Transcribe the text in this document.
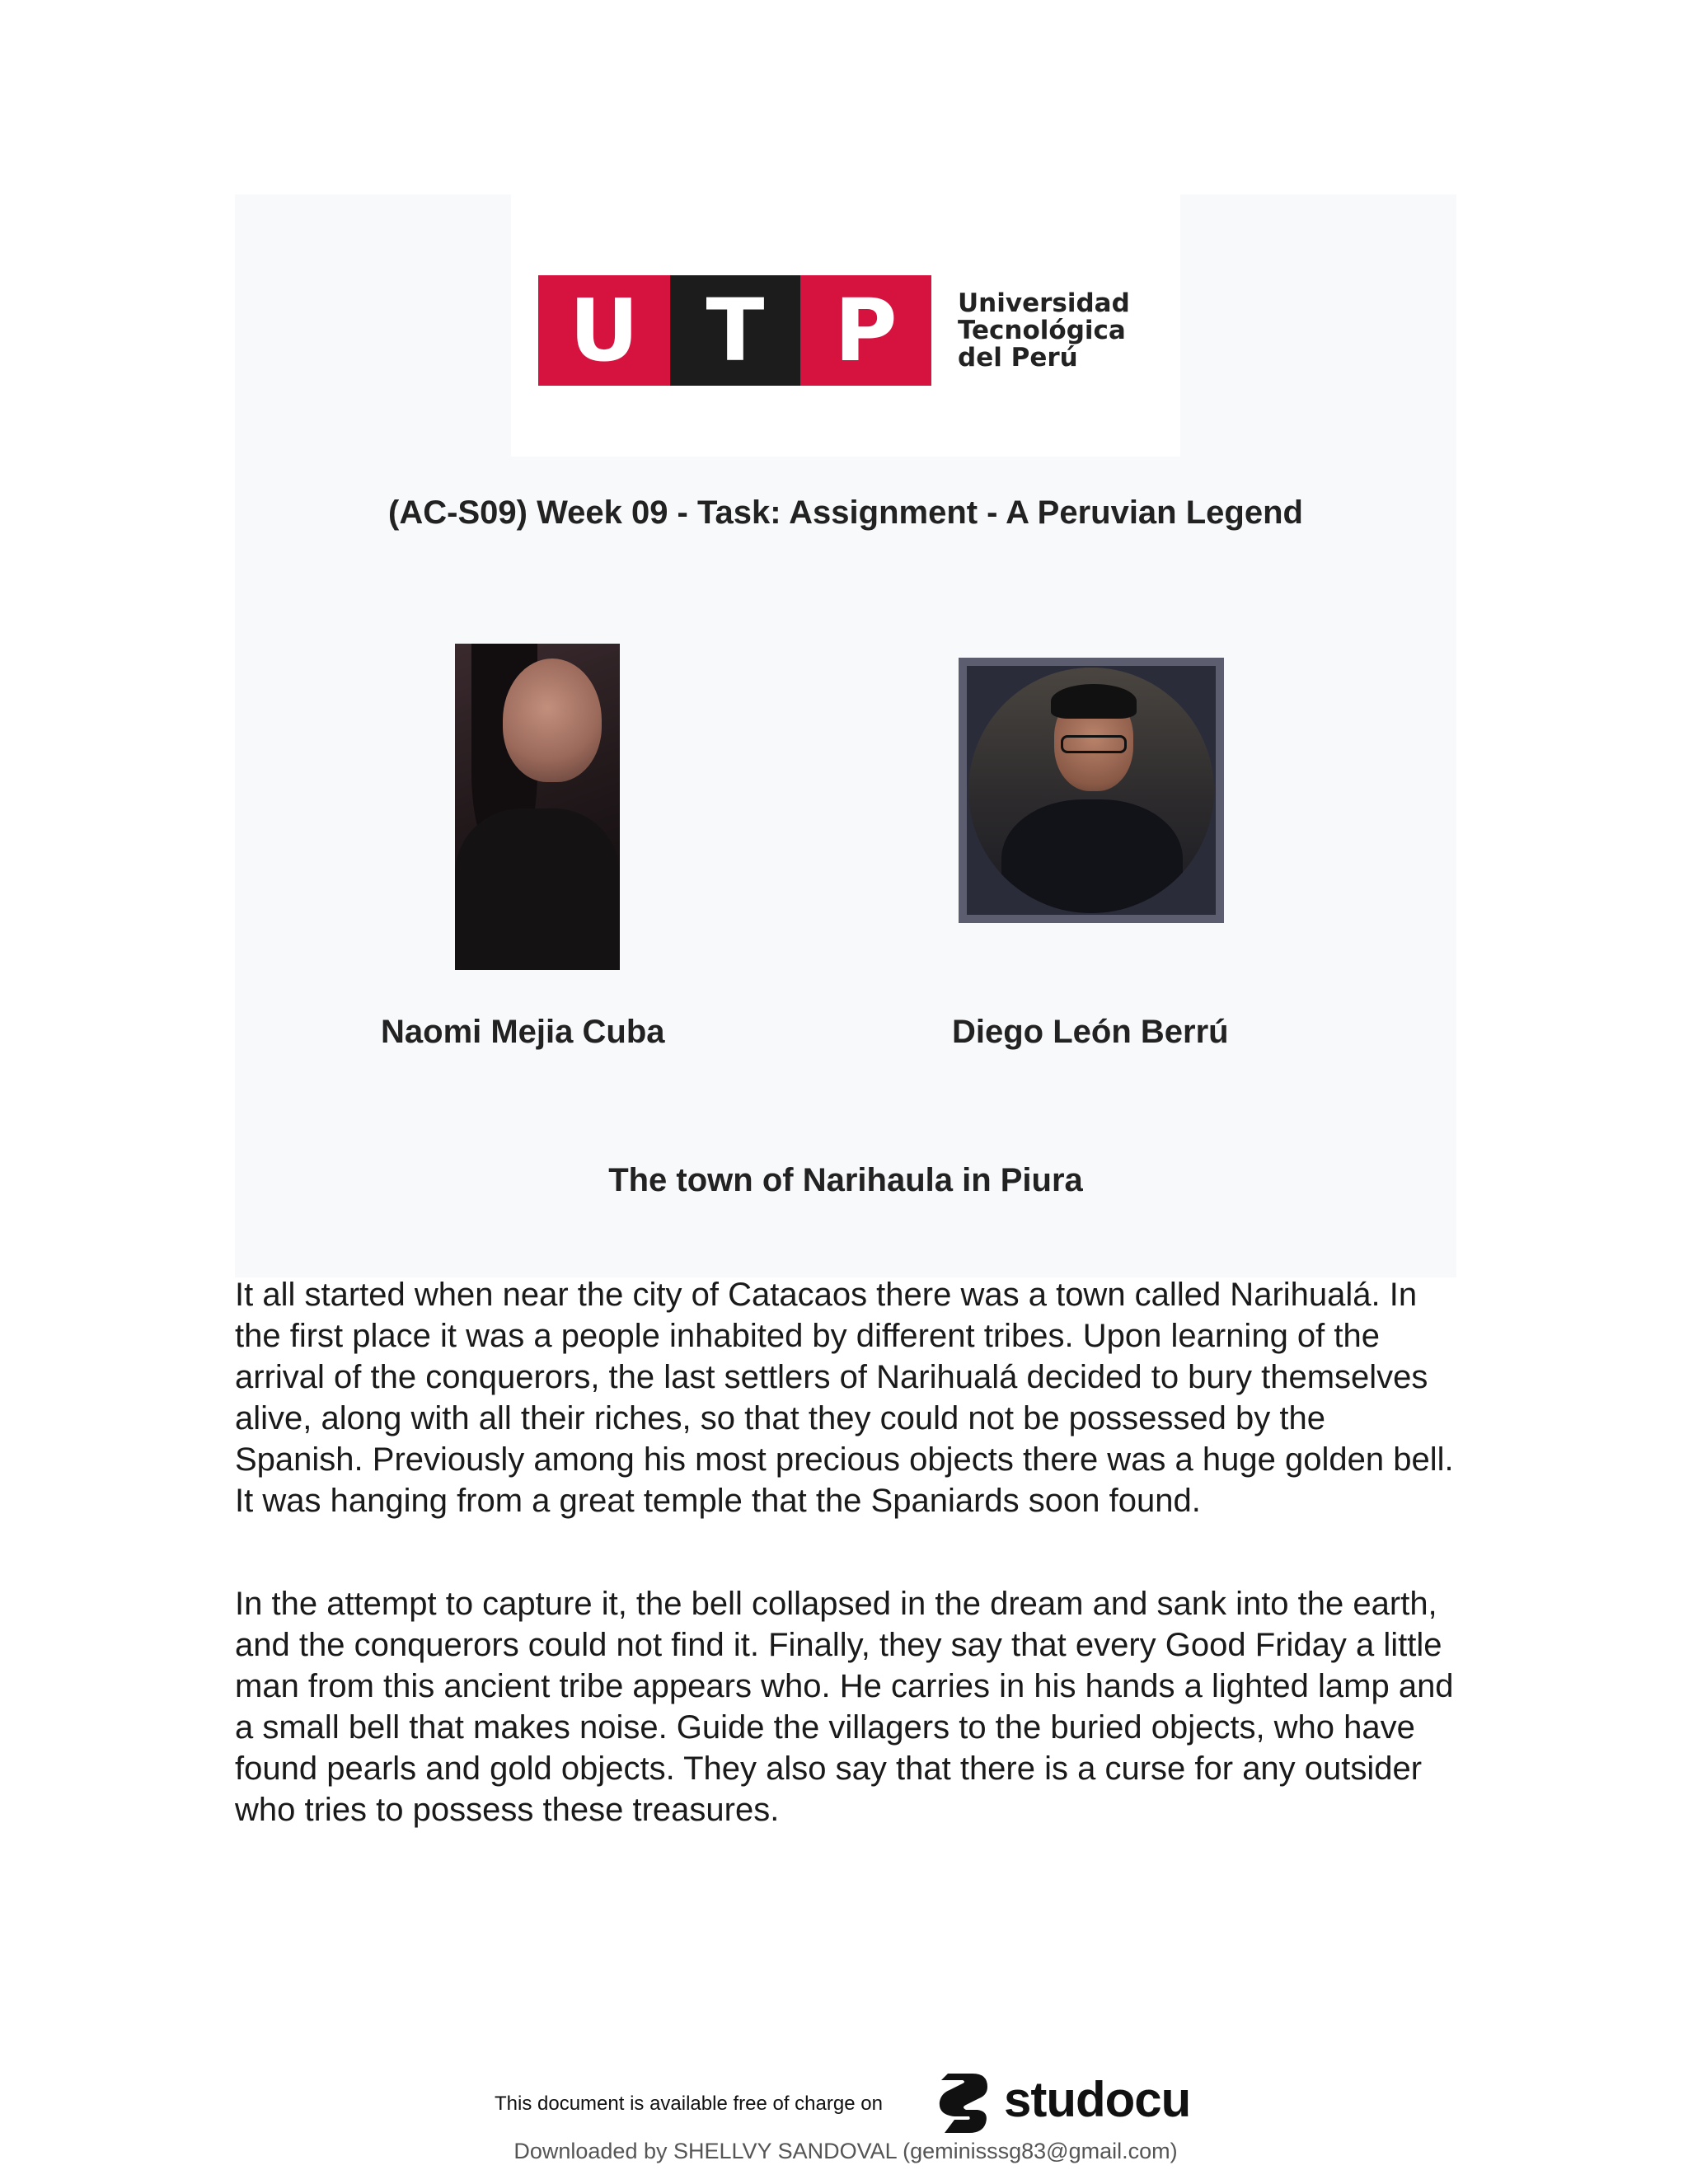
U T P	Universidad
Tecnológica
del Perú
(AC-S09) Week 09 - Task: Assignment - A Peruvian Legend
Naomi Mejia Cuba	Diego León Berrú
The town of Narihaula in Piura

It all started when near the city of Catacaos there was a town called Narihualá. In the first place it was a people inhabited by different tribes. Upon learning of the arrival of the conquerors, the last settlers of Narihualá decided to bury themselves alive, along with all their riches, so that they could not be possessed by the Spanish. Previously among his most precious objects there was a huge golden bell. It was hanging from a great temple that the Spaniards soon found.

In the attempt to capture it, the bell collapsed in the dream and sank into the earth, and the conquerors could not find it. Finally, they say that every Good Friday a little man from this ancient tribe appears who. He carries in his hands a lighted lamp and a small bell that makes noise. Guide the villagers to the buried objects, who have found pearls and gold objects. They also say that there is a curse for any outsider who tries to possess these treasures.

This document is available free of charge on studocu
Downloaded by SHELLVY SANDOVAL (geminisssg83@gmail.com)
